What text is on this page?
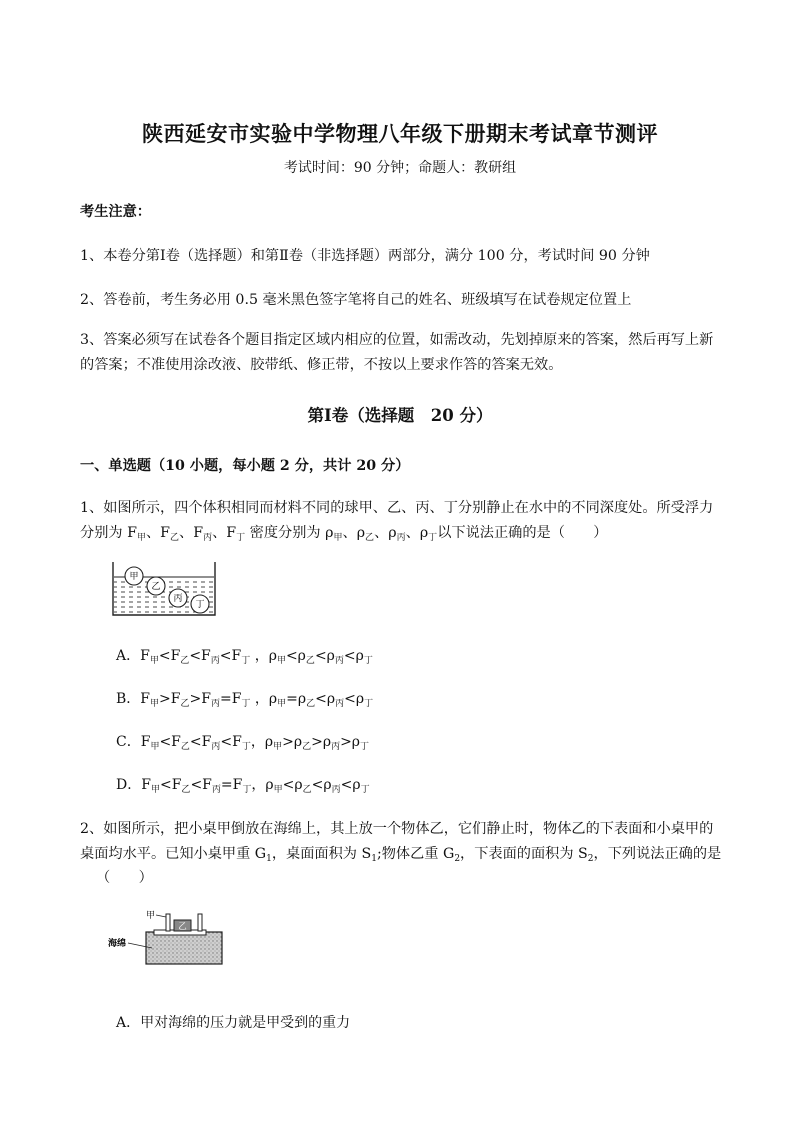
陕西延安市实验中学物理八年级下册期末考试章节测评
考试时间：90 分钟；命题人：教研组
考生注意：
1、本卷分第Ⅰ卷（选择题）和第Ⅱ卷（非选择题）两部分，满分 100 分，考试时间 90 分钟
2、答卷前，考生务必用 0.5 毫米黑色签字笔将自己的姓名、班级填写在试卷规定位置上
3、答案必须写在试卷各个题目指定区域内相应的位置，如需改动，先划掉原来的答案，然后再写上新
的答案；不准使用涂改液、胶带纸、修正带，不按以上要求作答的答案无效。
第Ⅰ卷（选择题　20 分）
一、单选题（10 小题，每小题 2 分，共计 20 分）
1、如图所示，四个体积相同而材料不同的球甲、乙、丙、丁分别静止在水中的不同深度处。所受浮力
分别为 $F_甲$、$F_乙$、$F_丙$、$F_丁$ 密度分别为 $\rho_甲$、$\rho_乙$、$\rho_丙$、$\rho_丁$以下说法正确的是（　　）
甲
乙
丙
丁
A．$F_甲<F_乙<F_丙<F_丁$ ，$\rho_甲<\rho_乙<\rho_丙<\rho_丁$
B．$F_甲>F_乙>F_丙=F_丁$ ，$\rho_甲=\rho_乙<\rho_丙<\rho_丁$
C．$F_甲<F_乙<F_丙<F_丁$，$\rho_甲>\rho_乙>\rho_丙>\rho_丁$
D．$F_甲<F_乙<F_丙=F_丁$，$\rho_甲<\rho_乙<\rho_丙<\rho_丁$
2、如图所示，把小桌甲倒放在海绵上，其上放一个物体乙，它们静止时，物体乙的下表面和小桌甲的
桌面均水平。已知小桌甲重 $G_1$，桌面面积为 $S_1$;物体乙重 $G_2$，下表面的面积为 $S_2$，下列说法正确的是
（　　）
乙
甲
海绵
A．甲对海绵的压力就是甲受到的重力
